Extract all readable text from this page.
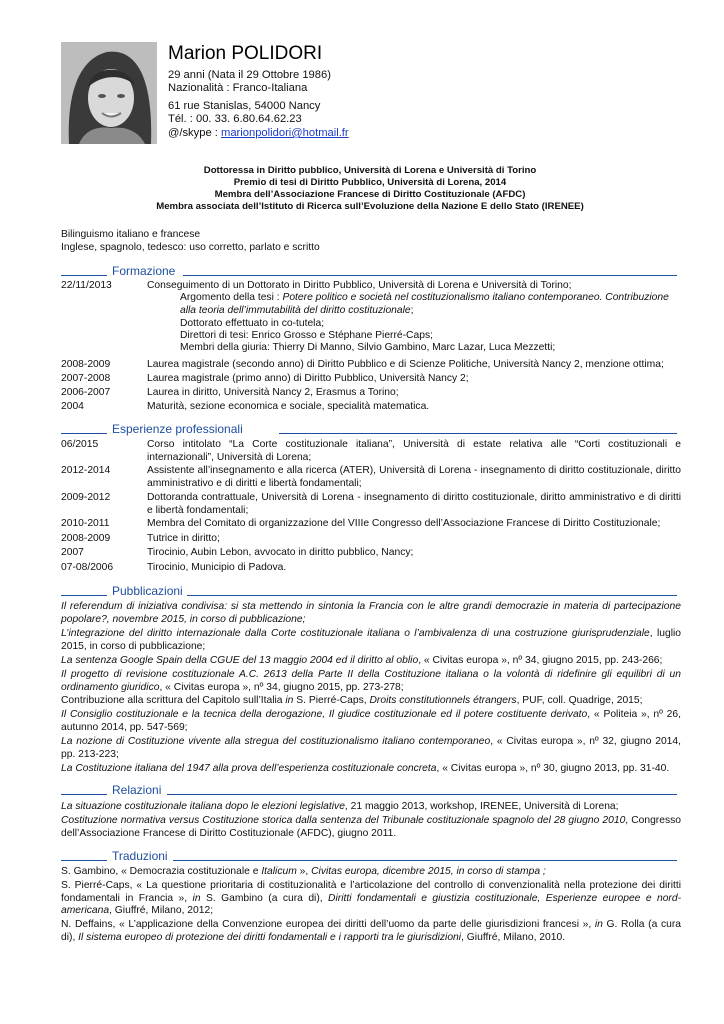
Marion POLIDORI
29 anni (Nata il 29 Ottobre 1986)
Nazionalità : Franco-Italiana
61 rue Stanislas, 54000 Nancy
Tél. : 00. 33. 6.80.64.62.23
@/skype : marionpolidori@hotmail.fr
Dottoressa in Diritto pubblico, Università di Lorena e Università di Torino
Premio di tesi di Diritto Pubblico, Università di Lorena, 2014
Membra dell’Associazione Francese di Diritto Costituzionale (AFDC)
Membra associata dell’Istituto di Ricerca sull’Evoluzione della Nazione E dello Stato (IRENEE)
Bilinguismo italiano e francese
Inglese, spagnolo, tedesco: uso corretto, parlato e scritto
Formazione
22/11/2013	Conseguimento di un Dottorato in Diritto Pubblico, Università di Lorena e Università di Torino;
Argomento della tesi : Potere politico e società nel costituzionalismo italiano contemporaneo. Contribuzione
alla teoria dell’immutabilità del diritto costituzionale;
Dottorato effettuato in co-tutela;
Direttori di tesi: Enrico Grosso e Stéphane Pierré-Caps;
Membri della giuria: Thierry Di Manno, Silvio Gambino, Marc Lazar, Luca Mezzetti;
2008-2009	Laurea magistrale (secondo anno) di Diritto Pubblico e di Scienze Politiche, Università Nancy 2, menzione ottima;
2007-2008	Laurea magistrale (primo anno) di Diritto Pubblico, Università Nancy 2;
2006-2007	Laurea in diritto, Università Nancy 2, Erasmus a Torino;
2004	Maturità, sezione economica e sociale, specialità matematica.
Esperienze professionali
06/2015	Corso intitolato “La Corte costituzionale italiana”, Università di estate relativa alle “Corti costituzionali e internazionali”, Università di Lorena;
2012-2014	Assistente all’insegnamento e alla ricerca (ATER), Università di Lorena - insegnamento di diritto costituzionale, diritto amministrativo e di diritti e libertà fondamentali;
2009-2012	Dottoranda contrattuale, Università di Lorena - insegnamento di diritto costituzionale, diritto amministrativo e di diritti e libertà fondamentali;
2010-2011	Membra del Comitato di organizzazione del VIIIe Congresso dell’Associazione Francese di Diritto Costituzionale;
2008-2009	Tutrice in diritto;
2007	Tirocinio, Aubin Lebon, avvocato in diritto pubblico, Nancy;
07-08/2006	Tirocinio, Municipio di Padova.
Pubblicazioni
Il referendum di iniziativa condivisa: si sta mettendo in sintonia la Francia con le altre grandi democrazie in materia di partecipazione popolare?, novembre 2015, in corso di pubblicazione;
L’integrazione del diritto internazionale dalla Corte costituzionale italiana o l’ambivalenza di una costruzione giurisprudenziale, luglio 2015, in corso di pubblicazione;
La sentenza Google Spain della CGUE del 13 maggio 2004 ed il diritto al oblio, « Civitas europa », nº 34, giugno 2015, pp. 243-266;
Il progetto di revisione costituzionale A.C. 2613 della Parte II della Costituzione italiana o la volontà di ridefinire gli equilibri di un ordinamento giuridico, « Civitas europa », nº 34, giugno 2015, pp. 273-278;
Contribuzione alla scrittura del Capitolo sull’Italia in S. Pierré-Caps, Droits constitutionnels étrangers, PUF, coll. Quadrige, 2015;
Il Consiglio costituzionale e la tecnica della derogazione, Il giudice costituzionale ed il potere costituente derivato, « Politeia », nº 26, autunno 2014, pp. 547-569;
La nozione di Costituzione vivente alla stregua del costituzionalismo italiano contemporaneo, « Civitas europa », nº 32, giugno 2014, pp. 213-223;
La Costituzione italiana del 1947 alla prova dell’esperienza costituzionale concreta, « Civitas europa », nº 30, giugno 2013, pp. 31-40.
Relazioni
La situazione costituzionale italiana dopo le elezioni legislative, 21 maggio 2013, workshop, IRENEE, Università di Lorena;
Costituzione normativa versus Costituzione storica dalla sentenza del Tribunale costituzionale spagnolo del 28 giugno 2010, Congresso dell’Associazione Francese di Diritto Costituzionale (AFDC), giugno 2011.
Traduzioni
S. Gambino, « Democrazia costituzionale e Italicum », Civitas europa, dicembre 2015, in corso di stampa ;
S. Pierré-Caps, « La questione prioritaria di costituzionalità e l’articolazione del controllo di convenzionalità nella protezione dei diritti fondamentali in Francia », in S. Gambino (a cura di), Diritti fondamentali e giustizia costituzionale, Esperienze europee e nord-americana, Giuffré, Milano, 2012;
N. Deffains, « L’applicazione della Convenzione europea dei diritti dell’uomo da parte delle giurisdizioni francesi », in G. Rolla (a cura di), Il sistema europeo di protezione dei diritti fondamentali e i rapporti tra le giurisdizioni, Giuffré, Milano, 2010.
